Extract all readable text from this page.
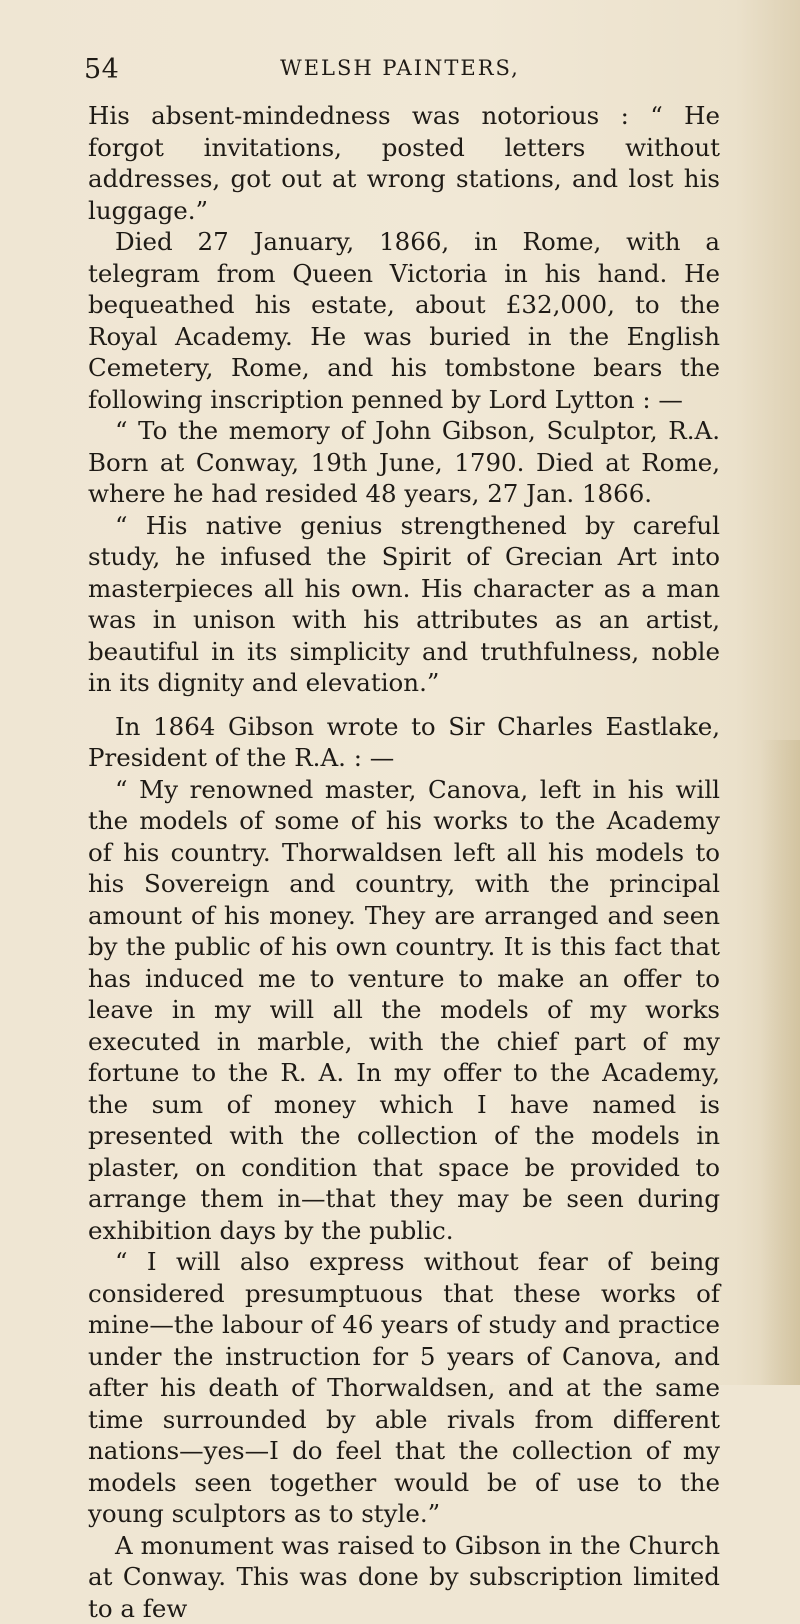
54	WELSH PAINTERS,

His absent-mindedness was notorious : “ He forgot invitations, posted letters without addresses, got out at wrong stations, and lost his luggage.”

Died 27 January, 1866, in Rome, with a telegram from Queen Victoria in his hand. He bequeathed his estate, about £32,000, to the Royal Academy. He was buried in the English Cemetery, Rome, and his tombstone bears the following inscription penned by Lord Lytton : —

“ To the memory of John Gibson, Sculptor, R.A. Born at Conway, 19th June, 1790. Died at Rome, where he had resided 48 years, 27 Jan. 1866.

“ His native genius strengthened by careful study, he infused the Spirit of Grecian Art into masterpieces all his own. His character as a man was in unison with his attributes as an artist, beautiful in its simplicity and truthfulness, noble in its dignity and elevation.”

In 1864 Gibson wrote to Sir Charles Eastlake, President of the R.A. : —

“ My renowned master, Canova, left in his will the models of some of his works to the Academy of his country. Thorwaldsen left all his models to his Sovereign and country, with the principal amount of his money. They are arranged and seen by the public of his own country. It is this fact that has induced me to venture to make an offer to leave in my will all the models of my works executed in marble, with the chief part of my fortune to the R. A. In my offer to the Academy, the sum of money which I have named is presented with the collection of the models in plaster, on condition that space be provided to arrange them in—that they may be seen during exhibition days by the public.

“ I will also express without fear of being considered presumptuous that these works of mine—the labour of 46 years of study and practice under the instruction for 5 years of Canova, and after his death of Thorwaldsen, and at the same time surrounded by able rivals from different nations—yes—I do feel that the collection of my models seen together would be of use to the young sculptors as to style.”

A monument was raised to Gibson in the Church at Conway. This was done by subscription limited to a few
